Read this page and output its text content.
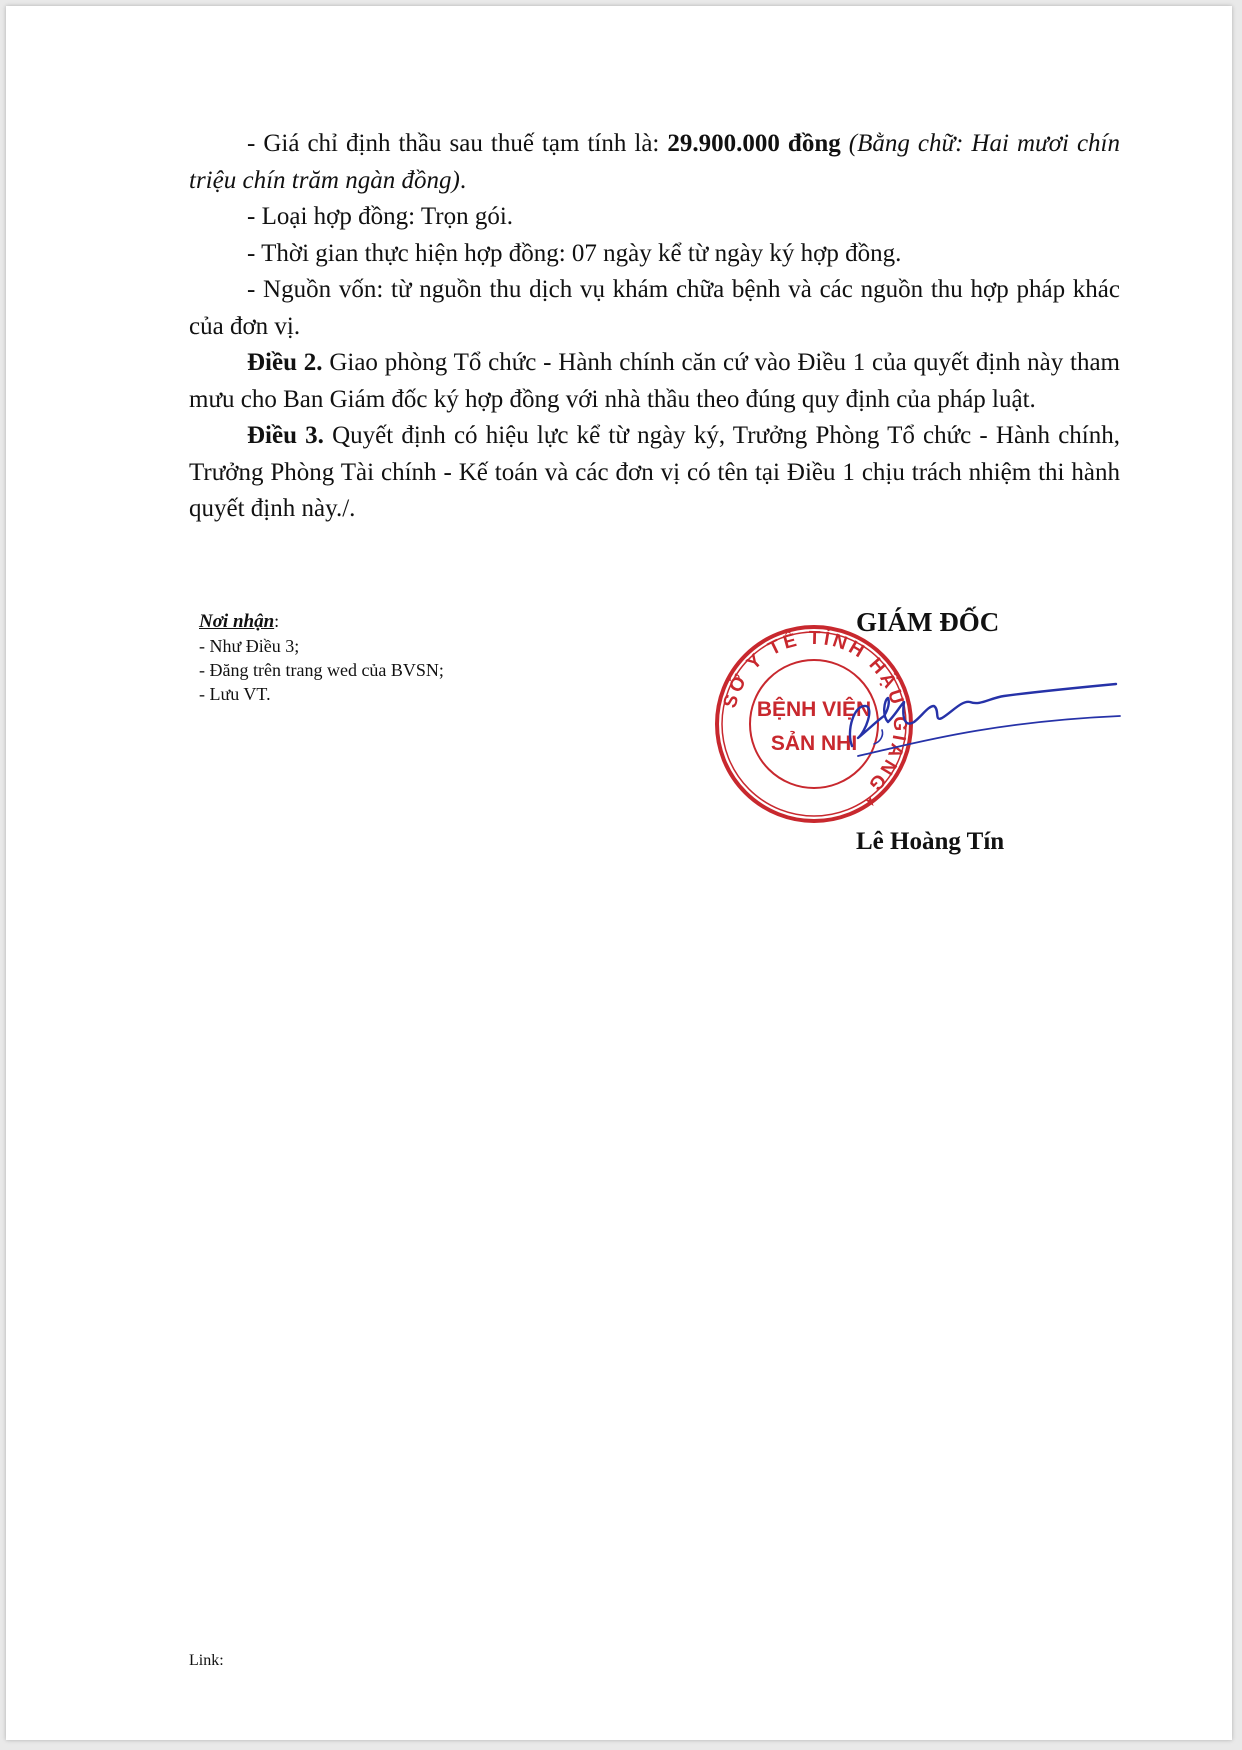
- Giá chỉ định thầu sau thuế tạm tính là: 29.900.000 đồng (Bằng chữ: Hai mươi chín triệu chín trăm ngàn đồng).

- Loại hợp đồng: Trọn gói.

- Thời gian thực hiện hợp đồng: 07 ngày kể từ ngày ký hợp đồng.

- Nguồn vốn: từ nguồn thu dịch vụ khám chữa bệnh và các nguồn thu hợp pháp khác của đơn vị.

Điều 2. Giao phòng Tổ chức - Hành chính căn cứ vào Điều 1 của quyết định này tham mưu cho Ban Giám đốc ký hợp đồng với nhà thầu theo đúng quy định của pháp luật.

Điều 3. Quyết định có hiệu lực kể từ ngày ký, Trưởng Phòng Tổ chức - Hành chính, Trưởng Phòng Tài chính - Kế toán và các đơn vị có tên tại Điều 1 chịu trách nhiệm thi hành quyết định này./.

Nơi nhận:
- Như Điều 3;
- Đăng trên trang wed của BVSN;
- Lưu VT.
GIÁM ĐỐC
SỞ Y TẾ TỈNH HẬU GIANG
★
BỆNH VIỆN
SẢN NHI
Lê Hoàng Tín
Link:
